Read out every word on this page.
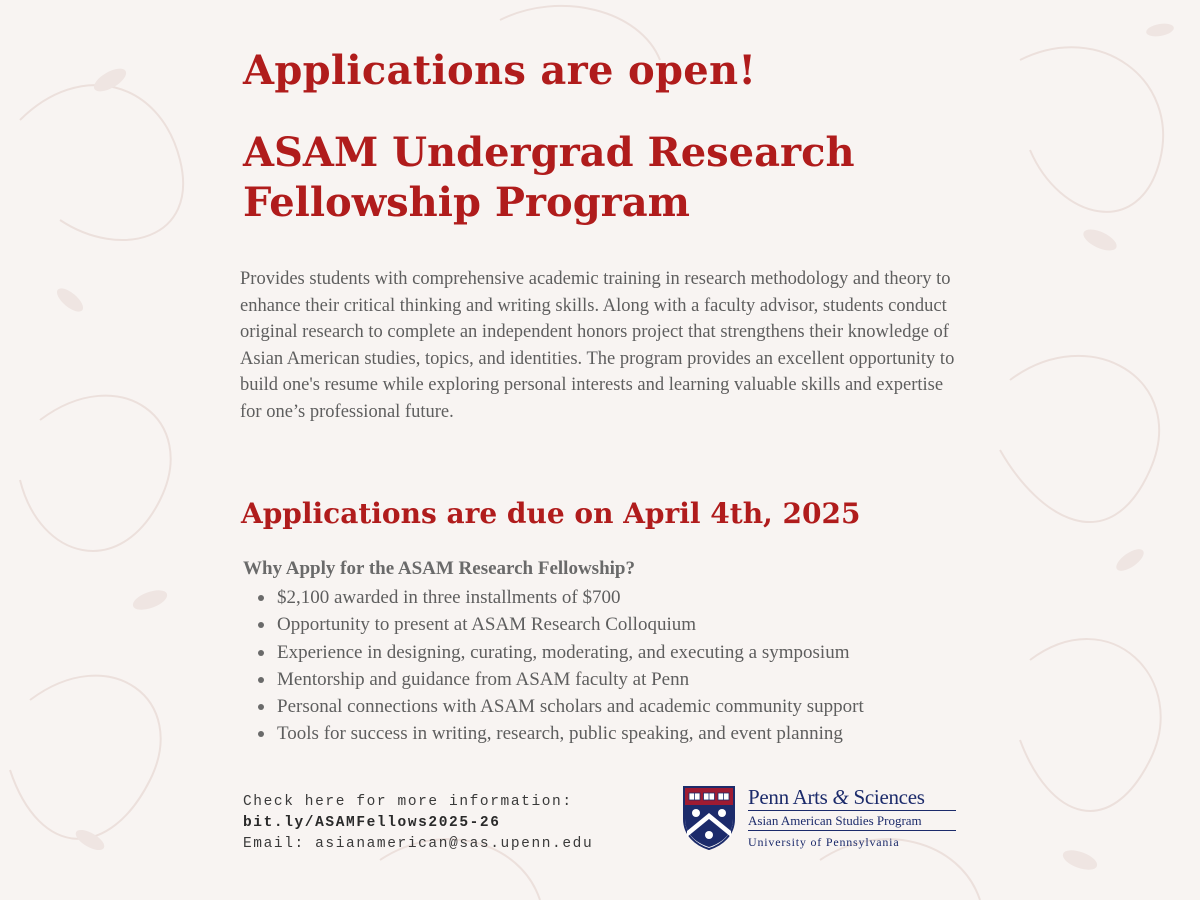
Applications are open!
ASAM Undergrad Research Fellowship Program

Provides students with comprehensive academic training in research methodology and theory to enhance their critical thinking and writing skills. Along with a faculty advisor, students conduct original research to complete an independent honors project that strengthens their knowledge of Asian American studies, topics, and identities. The program provides an excellent opportunity to build one's resume while exploring personal interests and learning valuable skills and expertise for one’s professional future.

Applications are due on April 4th, 2025
Why Apply for the ASAM Research Fellowship?
$2,100 awarded in three installments of $700
Opportunity to present at ASAM Research Colloquium
Experience in designing, curating, moderating, and executing a symposium
Mentorship and guidance from ASAM faculty at Penn
Personal connections with ASAM scholars and academic community support
Tools for success in writing, research, public speaking, and event planning
Check here for more information:
bit.ly/ASAMFellows2025-26
Email: asianamerican@sas.upenn.edu
Penn Arts & Sciences
Asian American Studies Program
University of Pennsylvania
